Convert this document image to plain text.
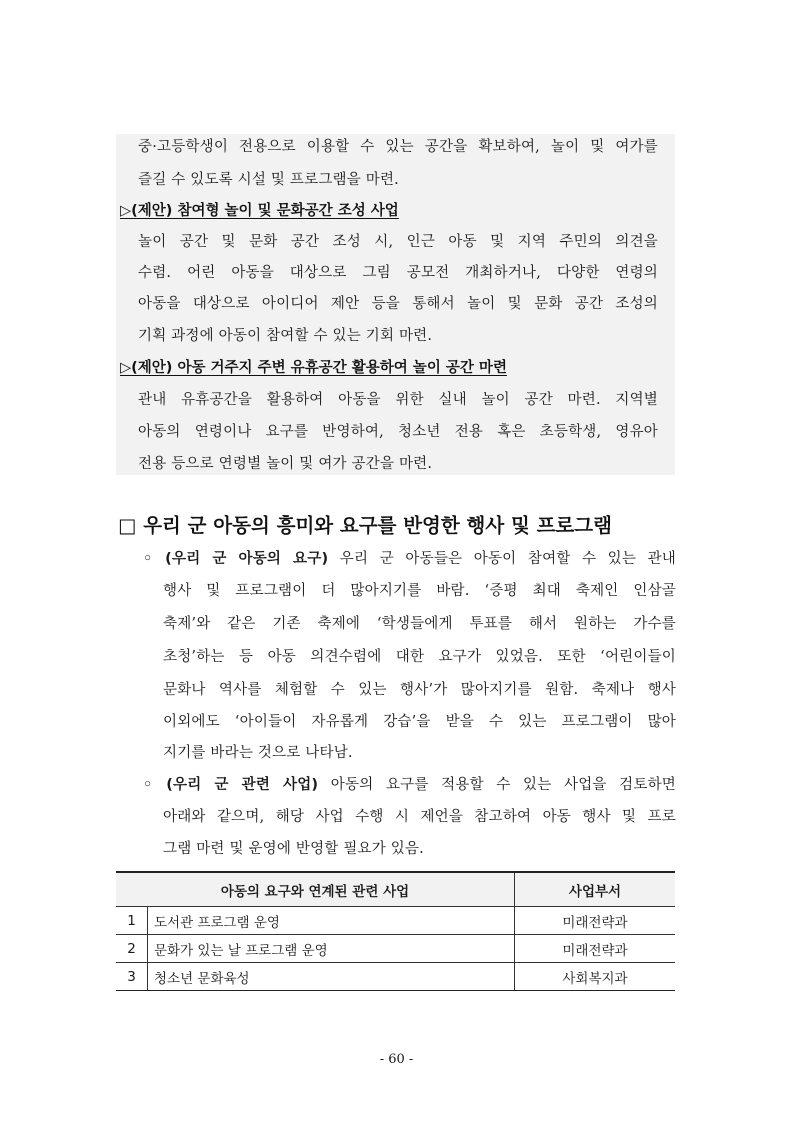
중·고등학생이 전용으로 이용할 수 있는 공간을 확보하여, 놀이 및 여가를
즐길 수 있도록 시설 및 프로그램을 마련.
▷(제안) 참여형 놀이 및 문화공간 조성 사업
놀이 공간 및 문화 공간 조성 시, 인근 아동 및 지역 주민의 의견을
수렴. 어린 아동을 대상으로 그림 공모전 개최하거나, 다양한 연령의
아동을 대상으로 아이디어 제안 등을 통해서 놀이 및 문화 공간 조성의
기획 과정에 아동이 참여할 수 있는 기회 마련.
▷(제안) 아동 거주지 주변 유휴공간 활용하여 놀이 공간 마련
관내 유휴공간을 활용하여 아동을 위한 실내 놀이 공간 마련. 지역별
아동의 연령이나 요구를 반영하여, 청소년 전용 혹은 초등학생, 영유아
전용 등으로 연령별 놀이 및 여가 공간을 마련.
□ 우리 군 아동의 흥미와 요구를 반영한 행사 및 프로그램
◦ (우리 군 아동의 요구) 우리 군 아동들은 아동이 참여할 수 있는 관내
행사 및 프로그램이 더 많아지기를 바람. ‘증평 최대 축제인 인삼골
축제’와 같은 기존 축제에 ‘학생들에게 투표를 해서 원하는 가수를
초청’하는 등 아동 의견수렴에 대한 요구가 있었음. 또한 ‘어린이들이
문화나 역사를 체험할 수 있는 행사’가 많아지기를 원함. 축제나 행사
이외에도 ‘아이들이 자유롭게 강습’을 받을 수 있는 프로그램이 많아
지기를 바라는 것으로 나타남.
◦ (우리 군 관련 사업) 아동의 요구를 적용할 수 있는 사업을 검토하면
아래와 같으며, 해당 사업 수행 시 제언을 참고하여 아동 행사 및 프로
그램 마련 및 운영에 반영할 필요가 있음.
아동의 요구와 연계된 관련 사업		사업부서
1	도서관 프로그램 운영	미래전략과
2	문화가 있는 날 프로그램 운영	미래전략과
3	청소년 문화육성	사회복지과
- 60 -
